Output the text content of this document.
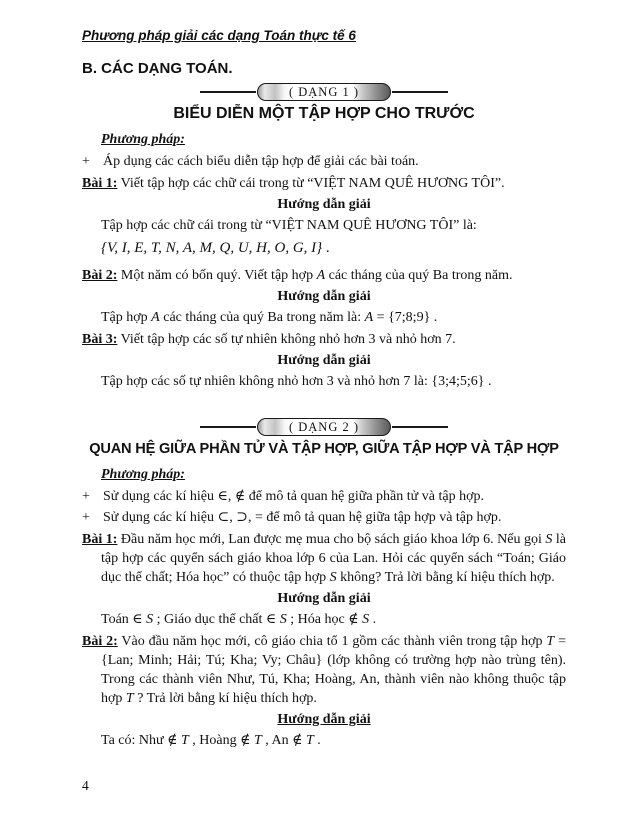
Phương pháp giải các dạng Toán thực tế 6
B. CÁC DẠNG TOÁN.
( DẠNG 1 )
BIỂU DIỄN MỘT TẬP HỢP CHO TRƯỚC
Phương pháp:
+ Áp dụng các cách biểu diễn tập hợp để giải các bài toán.
Bài 1: Viết tập hợp các chữ cái trong từ “VIỆT NAM QUÊ HƯƠNG TÔI”.
Hướng dẫn giải
Tập hợp các chữ cái trong từ “VIỆT NAM QUÊ HƯƠNG TÔI” là:
{V, I, E, T, N, A, M, Q, U, H, O, G, I} .
Bài 2: Một năm có bốn quý. Viết tập hợp A các tháng của quý Ba trong năm.
Hướng dẫn giải
Tập hợp A các tháng của quý Ba trong năm là: A = {7;8;9} .
Bài 3: Viết tập hợp các số tự nhiên không nhỏ hơn 3 và nhỏ hơn 7.
Hướng dẫn giải
Tập hợp các số tự nhiên không nhỏ hơn 3 và nhỏ hơn 7 là: {3;4;5;6} .
( DẠNG 2 )
QUAN HỆ GIỮA PHẦN TỬ VÀ TẬP HỢP, GIỮA TẬP HỢP VÀ TẬP HỢP
Phương pháp:
+ Sử dụng các kí hiệu ∈, ∉ để mô tả quan hệ giữa phần tử và tập hợp.
+ Sử dụng các kí hiệu ⊂, ⊃, = để mô tả quan hệ giữa tập hợp và tập hợp.
Bài 1: Đầu năm học mới, Lan được mẹ mua cho bộ sách giáo khoa lớp 6. Nếu gọi S là tập hợp các quyển sách giáo khoa lớp 6 của Lan. Hỏi các quyển sách “Toán; Giáo dục thể chất; Hóa học” có thuộc tập hợp S không? Trả lời bằng kí hiệu thích hợp.
Hướng dẫn giải
Toán ∈ S ; Giáo dục thể chất ∈ S ; Hóa học ∉ S .
Bài 2: Vào đầu năm học mới, cô giáo chia tổ 1 gồm các thành viên trong tập hợp T = {Lan; Minh; Hải; Tú; Kha; Vy; Châu} (lớp không có trường hợp nào trùng tên). Trong các thành viên Như, Tú, Kha; Hoàng, An, thành viên nào không thuộc tập hợp T ? Trả lời bằng kí hiệu thích hợp.
Hướng dẫn giải
Ta có: Như ∉ T , Hoàng ∉ T , An ∉ T .
4
